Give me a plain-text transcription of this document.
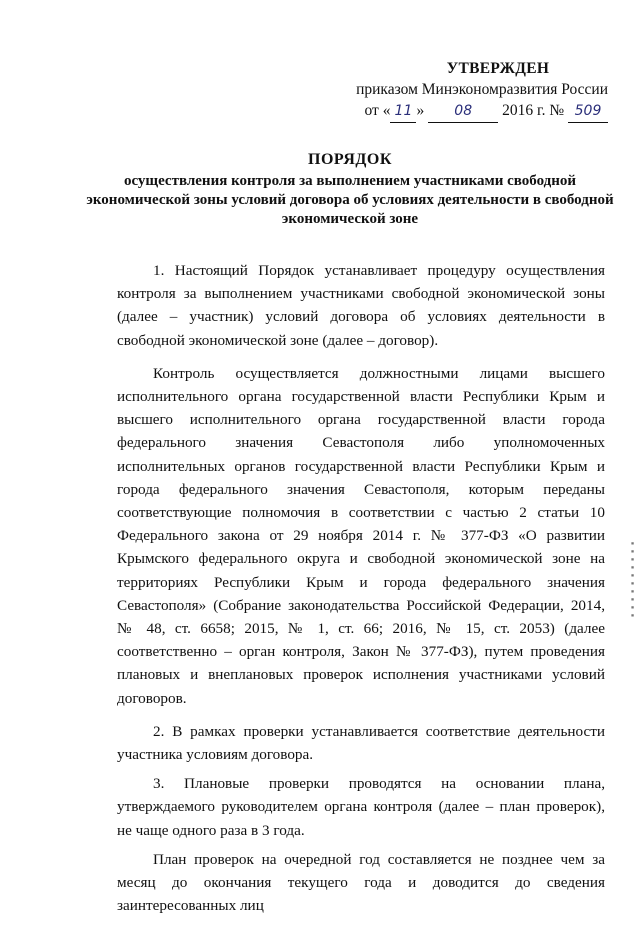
УТВЕРЖДЕН
приказом Минэкономразвития России
от « 11 » 08 2016 г. № 509
ПОРЯДОК
осуществления контроля за выполнением участниками свободной экономической зоны условий договора об условиях деятельности в свободной экономической зоне

1. Настоящий Порядок устанавливает процедуру осуществления контроля за выполнением участниками свободной экономической зоны (далее – участник) условий договора об условиях деятельности в свободной экономической зоне (далее – договор).

Контроль осуществляется должностными лицами высшего исполнительного органа государственной власти Республики Крым и высшего исполнительного органа государственной власти города федерального значения Севастополя либо уполномоченных исполнительных органов государственной власти Республики Крым и города федерального значения Севастополя, которым переданы соответствующие полномочия в соответствии с частью 2 статьи 10 Федерального закона от 29 ноября 2014 г. № 377-ФЗ «О развитии Крымского федерального округа и свободной экономической зоне на территориях Республики Крым и города федерального значения Севастополя» (Собрание законодательства Российской Федерации, 2014, № 48, ст. 6658; 2015, № 1, ст. 66; 2016, № 15, ст. 2053) (далее соответственно – орган контроля, Закон № 377-ФЗ), путем проведения плановых и внеплановых проверок исполнения участниками условий договоров.

2. В рамках проверки устанавливается соответствие деятельности участника условиям договора.

3. Плановые проверки проводятся на основании плана, утверждаемого руководителем органа контроля (далее – план проверок), не чаще одного раза в 3 года.

План проверок на очередной год составляется не позднее чем за месяц до окончания текущего года и доводится до сведения заинтересованных лиц

▪▪▪▪▪▪▪▪▪▪
